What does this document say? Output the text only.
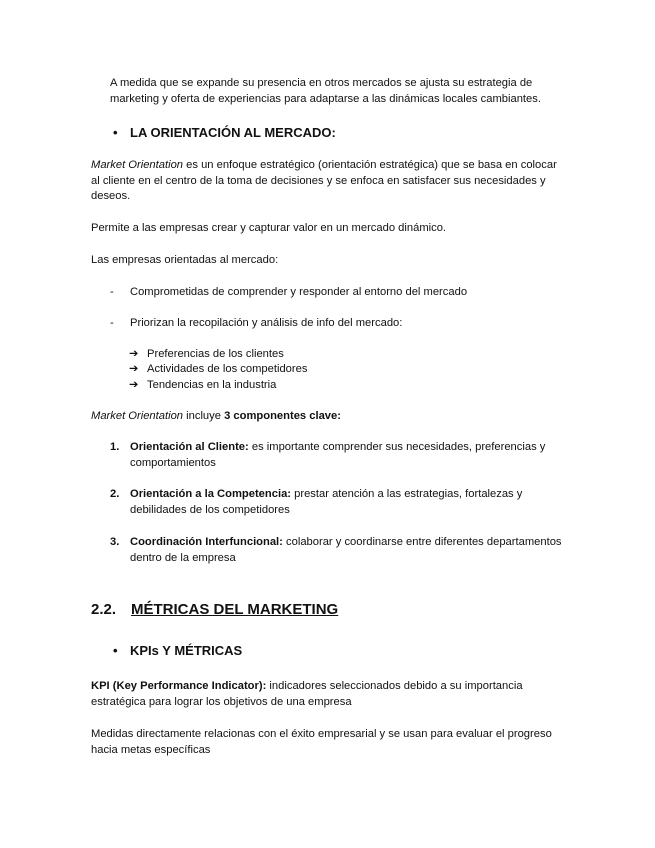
A medida que se expande su presencia en otros mercados se ajusta su estrategia de marketing y oferta de experiencias para adaptarse a las dinámicas locales cambiantes.

• LA ORIENTACIÓN AL MERCADO:

Market Orientation es un enfoque estratégico (orientación estratégica) que se basa en colocar al cliente en el centro de la toma de decisiones y se enfoca en satisfacer sus necesidades y deseos.

Permite a las empresas crear y capturar valor en un mercado dinámico.

Las empresas orientadas al mercado:

- Comprometidas de comprender y responder al entorno del mercado
- Priorizan la recopilación y análisis de info del mercado:
➔ Preferencias de los clientes
➔ Actividades de los competidores
➔ Tendencias en la industria

Market Orientation incluye 3 componentes clave:

1. Orientación al Cliente: es importante comprender sus necesidades, preferencias y comportamientos
2. Orientación a la Competencia: prestar atención a las estrategias, fortalezas y debilidades de los competidores
3. Coordinación Interfuncional: colaborar y coordinarse entre diferentes departamentos dentro de la empresa
2.2. MÉTRICAS DEL MARKETING
• KPIs Y MÉTRICAS

KPI (Key Performance Indicator): indicadores seleccionados debido a su importancia estratégica para lograr los objetivos de una empresa

Medidas directamente relacionas con el éxito empresarial y se usan para evaluar el progreso hacia metas específicas
